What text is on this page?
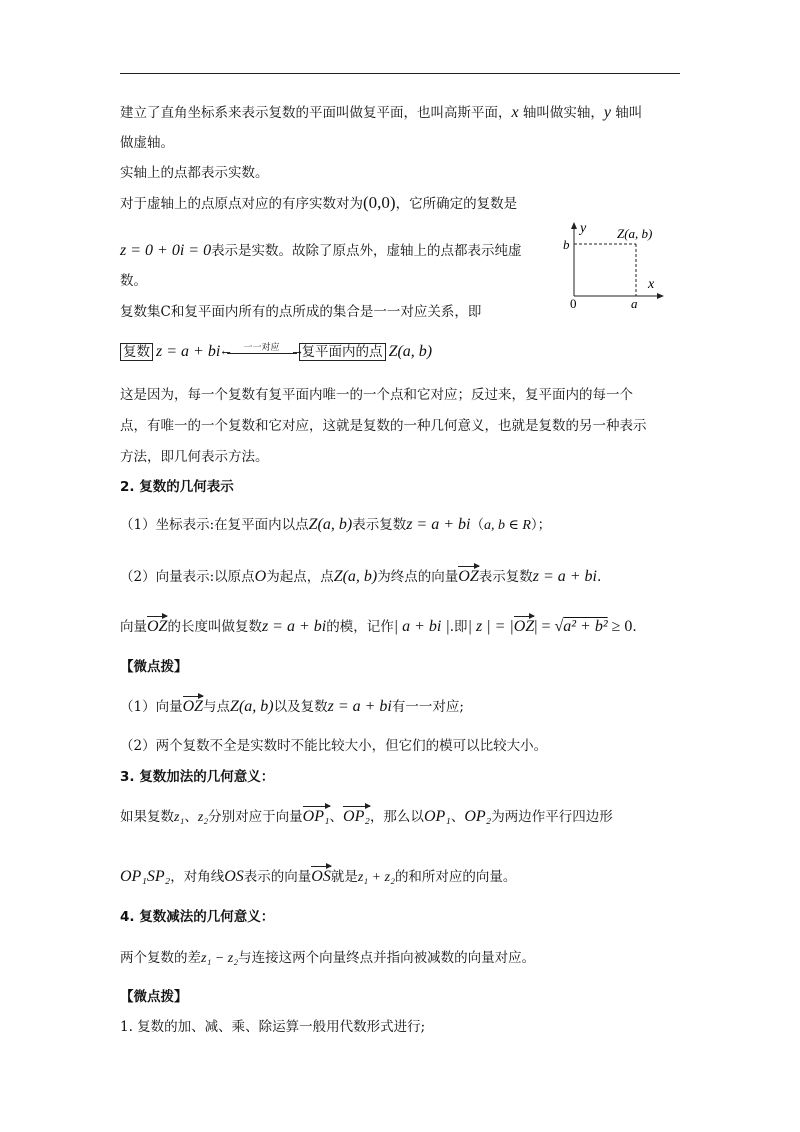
建立了直角坐标系来表示复数的平面叫做复平面，也叫高斯平面，x 轴叫做实轴，y 轴叫
做虚轴。
实轴上的点都表示实数。
对于虚轴上的点原点对应的有序实数对为(0,0)，它所确定的复数是
z = 0 + 0i = 0表示是实数。故除了原点外，虚轴上的点都表示纯虚
数。
复数集C和复平面内所有的点所成的集合是一一对应关系，即
复数 z = a + bi	一一对应
←	→ 复平面内的点 Z(a, b)
这是因为，每一个复数有复平面内唯一的一个点和它对应；反过来，复平面内的每一个
点，有唯一的一个复数和它对应，这就是复数的一种几何意义，也就是复数的另一种表示
方法，即几何表示方法。
2. 复数的几何表示
（1）坐标表示:在复平面内以点Z(a, b)表示复数z = a + bi（a, b ∈ R）；
（2）向量表示:以原点O为起点，点Z(a, b)为终点的向量
OZ表示复数z = a + bi.
向量
OZ的长度叫做复数z = a + bi的模，记作| a + bi |.即| z | = |
OZ| = √a² + b² ≥ 0.
【微点拨】
（1）向量
OZ与点Z(a, b)以及复数z = a + bi有一一对应;
（2）两个复数不全是实数时不能比较大小，但它们的模可以比较大小。
3. 复数加法的几何意义：
如果复数z₁、z₂分别对应于向量
OP₁、
OP₂，那么以OP₁、OP₂为两边作平行四边形
OP₁SP₂，对角线OS表示的向量
OS就是z₁ + z₂的和所对应的向量。
4. 复数减法的几何意义：
两个复数的差z₁ − z₂与连接这两个向量终点并指向被减数的向量对应。
【微点拨】
1. 复数的加、减、乘、除运算一般用代数形式进行;
y
x
b
a
0
Z(a, b)
